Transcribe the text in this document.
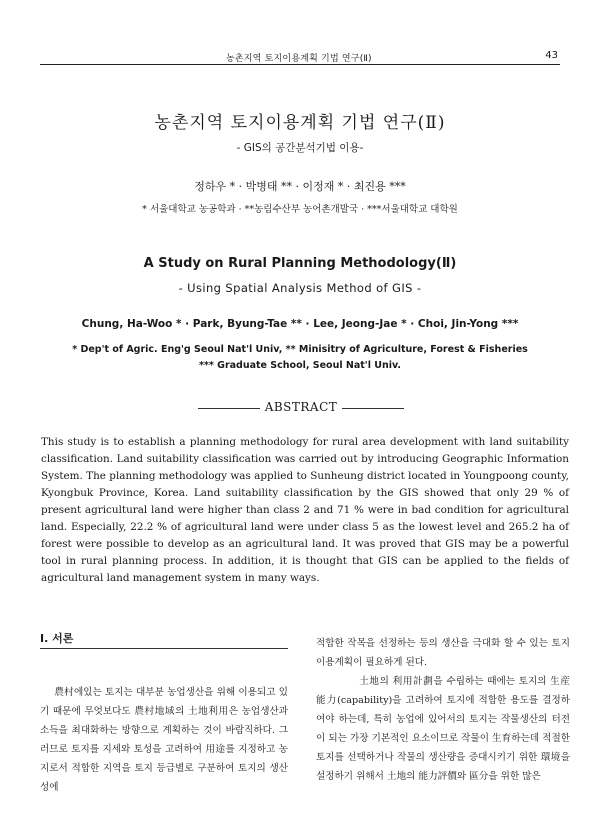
농촌지역 토지이용계획 기법 연구(Ⅱ)	43
농촌지역 토지이용계획 기법 연구(Ⅱ)
- GIS의 공간분석기법 이용-
정하우 * · 박병태 ** · 이정재 * · 최진용 ***
* 서울대학교 농공학과 · **농림수산부 농어촌개발국 · ***서울대학교 대학원
A Study on Rural Planning Methodology(Ⅱ)
- Using Spatial Analysis Method of GIS -
Chung, Ha-Woo * · Park, Byung-Tae ** · Lee, Jeong-Jae * · Choi, Jin-Yong ***
* Dep't of Agric. Eng'g Seoul Nat'l Univ, ** Minisitry of Agriculture, Forest & Fisheries
*** Graduate School, Seoul Nat'l Univ.
ABSTRACT
This study is to establish a planning methodology for rural area development with land suitability classification. Land suitability classification was carried out by introducing Geographic Information System. The planning methodology was applied to Sunheung district located in Youngpoong county, Kyongbuk Province, Korea. Land suitability classification by the GIS showed that only 29 % of present agricultural land were higher than class 2 and 71 % were in bad condition for agricultural land. Especially, 22.2 % of agricultural land were under class 5 as the lowest level and 265.2 ha of forest were possible to develop as an agricultural land. It was proved that GIS may be a powerful tool in rural planning process. In addition, it is thought that GIS can be applied to the fields of agricultural land management system in many ways.
Ⅰ. 서론
農村에있는 토지는 대부분 농업생산을 위해 이용되고 있기 때문에 무엇보다도 農村地域의 土地利用은 농업생산과 소득을 최대화하는 방향으로 계획하는 것이 바람직하다. 그러므로 토지를 지세와 토성을 고려하여 用途를 지정하고 농지로서 적합한 지역을 토지 등급별로 구분하여 토지의 생산성에

적합한 작목을 선정하는 등의 생산을 극대화 할 수 있는 토지이용계획이 필요하게 된다.

土地의 利用計劃을 수립하는 때에는 토지의 生産能力(capability)을 고려하여 토지에 적합한 용도를 결정하여야 하는데, 특히 농업에 있어서의 토지는 작물생산의 터전이 되는 가장 기본적인 요소이므로 작물이 生育하는데 적절한 토지를 선택하거나 작물의 생산량을 증대시키기 위한 環境을 설정하기 위해서 土地의 能力評價와 區分을 위한 많은
